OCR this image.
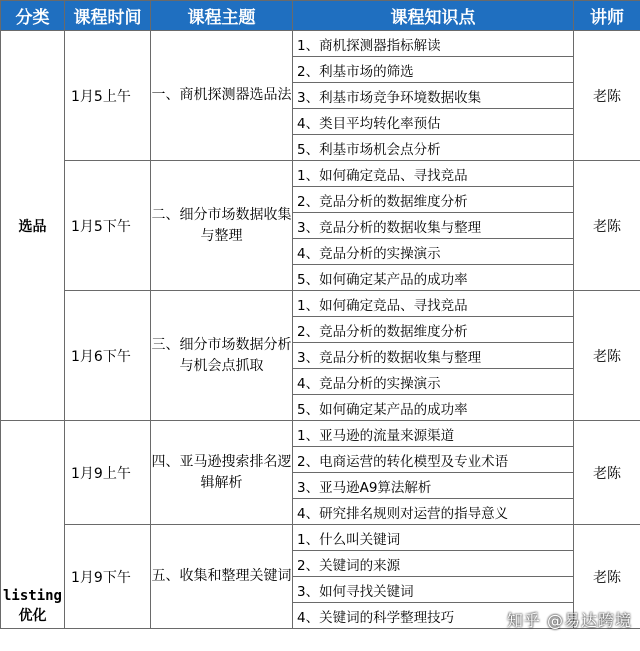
分类	课程时间	课程主题	课程知识点	讲师
选品	1月5上午	一、商机探测器选品法	1、商机探测器指标解读	老陈
			2、利基市场的筛选	
			3、利基市场竞争环境数据收集	
			4、类目平均转化率预估	
			5、利基市场机会点分析	
	1月5下午	二、细分市场数据收集与整理	1、如何确定竞品、寻找竞品	老陈
			2、竞品分析的数据维度分析	
			3、竞品分析的数据收集与整理	
			4、竞品分析的实操演示	
			5、如何确定某产品的成功率	
	1月6下午	三、细分市场数据分析与机会点抓取	1、如何确定竞品、寻找竞品	老陈
			2、竞品分析的数据维度分析	
			3、竞品分析的数据收集与整理	
			4、竞品分析的实操演示	
			5、如何确定某产品的成功率	

listing
优化	1月9上午	四、亚马逊搜索排名逻辑解析	1、亚马逊的流量来源渠道	老陈
			2、电商运营的转化模型及专业术语	
			3、亚马逊A9算法解析	
			4、研究排名规则对运营的指导意义	
	1月9下午	五、收集和整理关键词	1、什么叫关键词	老陈
			2、关键词的来源	
			3、如何寻找关键词	
			4、关键词的科学整理技巧		知乎 @易达跨境
